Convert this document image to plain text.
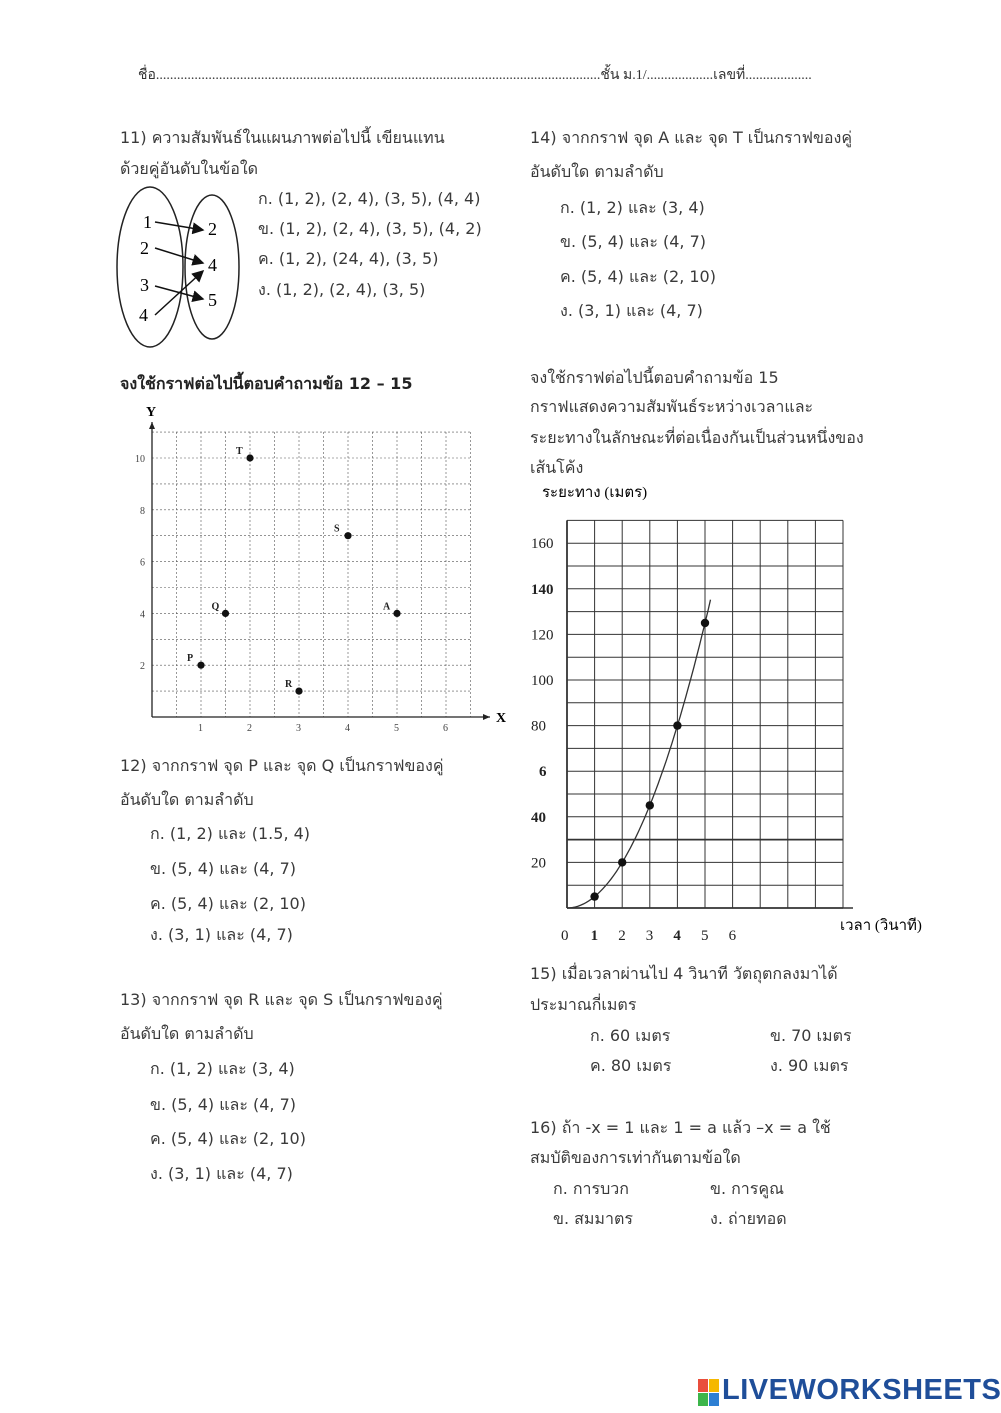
ชื่อ...............................................................................................................................ชั้น ม.1/...................เลขที่...................
11) ความสัมพันธ์ในแผนภาพต่อไปนี้ เขียนแทน
ด้วยคู่อันดับในข้อใด
ก. (1, 2), (2, 4), (3, 5), (4, 4)
ข. (1, 2), (2, 4), (3, 5), (4, 2)
ค. (1, 2), (24, 4), (3, 5)
ง. (1, 2), (2, 4), (3, 5)
1
2
3
4
2
4
5
จงใช้กราฟต่อไปนี้ตอบคำถามข้อ 12 – 15
1	2	3	4	5	6
2
4
6
8
10
T
S
Q	A
P
R
Y
X
12) จากกราฟ จุด P และ จุด Q เป็นกราฟของคู่
อันดับใด ตามลำดับ
ก. (1, 2) และ (1.5, 4)
ข. (5, 4) และ (4, 7)
ค. (5, 4) และ (2, 10)
ง. (3, 1) และ (4, 7)
13) จากกราฟ จุด R และ จุด S เป็นกราฟของคู่
อันดับใด ตามลำดับ
ก. (1, 2) และ (3, 4)
ข. (5, 4) และ (4, 7)
ค. (5, 4) และ (2, 10)
ง. (3, 1) และ (4, 7)
14) จากกราฟ จุด A และ จุด T เป็นกราฟของคู่
อันดับใด ตามลำดับ
ก. (1, 2) และ (3, 4)
ข. (5, 4) และ (4, 7)
ค. (5, 4) และ (2, 10)
ง. (3, 1) และ (4, 7)
จงใช้กราฟต่อไปนี้ตอบคำถามข้อ 15
กราฟแสดงความสัมพันธ์ระหว่างเวลาและ
ระยะทางในลักษณะที่ต่อเนื่องกันเป็นส่วนหนึ่งของ
เส้นโค้ง
0 1 2 3 4 5 6
20
40
6
80
100
120
140
160
ระยะทาง (เมตร)
เวลา (วินาที)
15) เมื่อเวลาผ่านไป 4 วินาที วัตถุตกลงมาได้
ประมาณกี่เมตร
ก. 60 เมตร	ข. 70 เมตร
ค. 80 เมตร	ง. 90 เมตร
16) ถ้า -x = 1 และ 1 = a แล้ว –x = a ใช้
สมบัติของการเท่ากันตามข้อใด
ก. การบวก	ข. การคูณ
ข. สมมาตร	ง. ถ่ายทอด
LIVEWORKSHEETS
